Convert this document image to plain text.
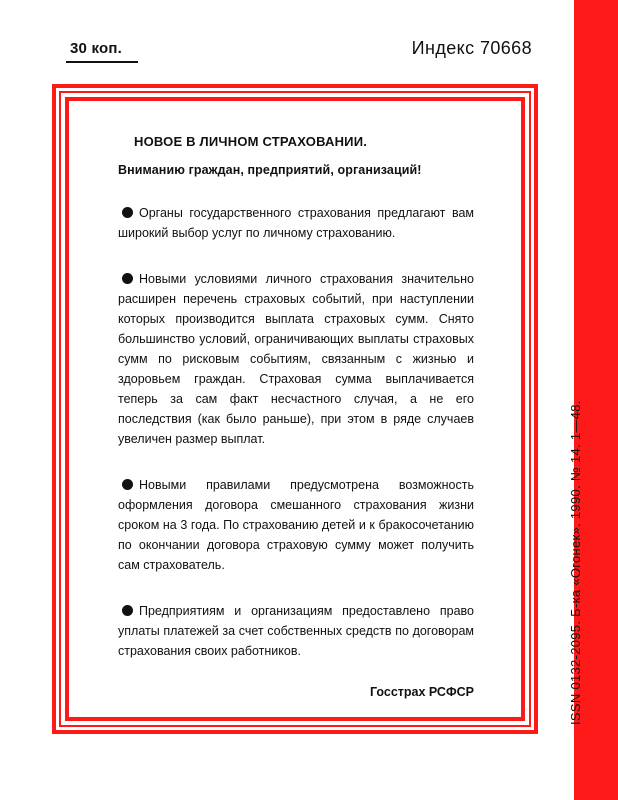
30 коп.	Индекс 70668
НОВОЕ В ЛИЧНОМ СТРАХОВАНИИ.
Вниманию граждан, предприятий, организаций!
Органы государственного страхования предлагают вам широкий выбор услуг по личному страхованию.
Новыми условиями личного страхования значительно расширен перечень страховых событий, при наступлении которых производится выплата страховых сумм. Снято большинство условий, ограничивающих выплаты страховых сумм по рисковым событиям, связанным с жизнью и здоровьем граждан. Страховая сумма выплачивается теперь за сам факт несчастного случая, а не его последствия (как было раньше), при этом в ряде случаев увеличен размер выплат.
Новыми правилами предусмотрена возможность оформления договора смешанного страхования жизни сроком на 3 года. По страхованию детей и к бракосочетанию по окончании договора страховую сумму может получить сам страхователь.
Предприятиям и организациям предоставлено право уплаты платежей за счет собственных средств по договорам страхования своих работников.
Госстрах РСФСР	ISSN 0132-2095. Б-ка «Огонек». 1990. № 14. 1—48.
